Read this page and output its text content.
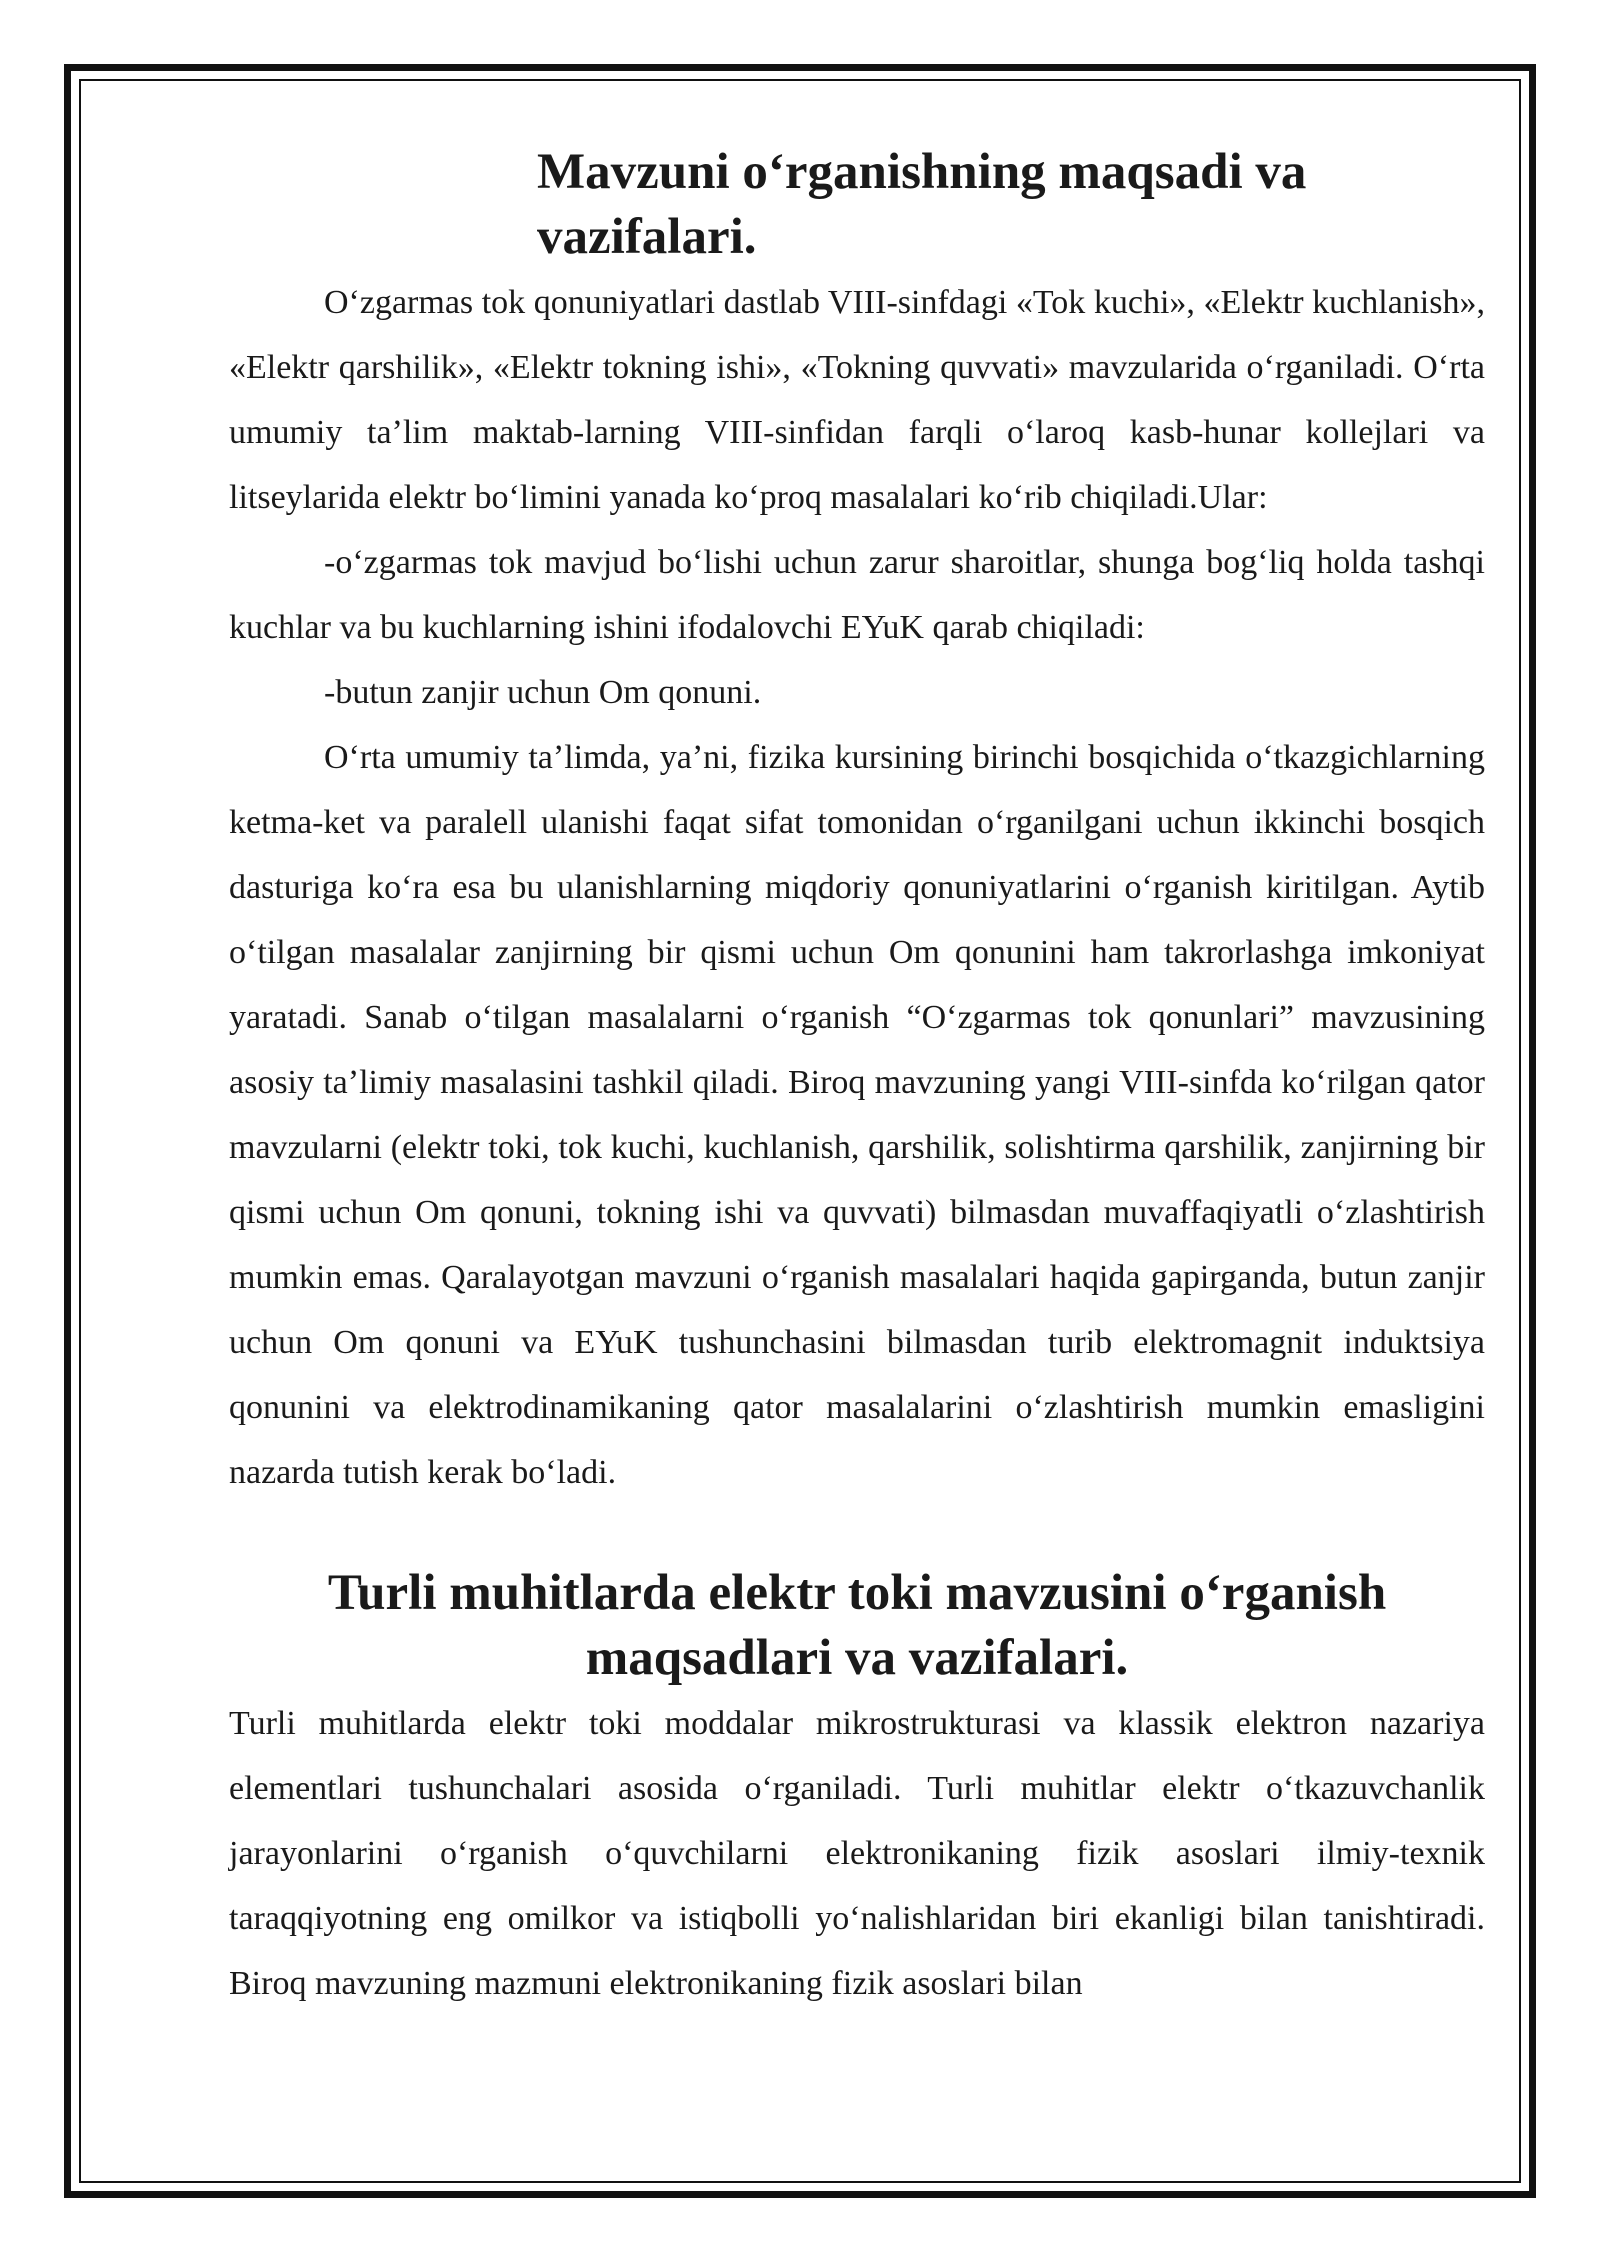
Mavzuni oʻrganishning maqsadi va vazifalari.

Oʻzgarmas tok qonuniyatlari dastlab VIII-sinfdagi «Tok kuchi», «Elektr kuchlanish», «Elektr qarshilik», «Elektr tokning ishi», «Tokning quvvati» mavzularida oʻrganiladi. Oʻrta umumiy taʼlim maktab-larning VIII-sinfidan farqli oʻlaroq kasb-hunar kollejlari va litseylarida elektr boʻlimini yanada koʻproq masalalari koʻrib chiqiladi.Ular:

-oʻzgarmas tok mavjud boʻlishi uchun zarur sharoitlar, shunga bogʻliq holda tashqi kuchlar va bu kuchlarning ishini ifodalovchi EYuK qarab chiqiladi:

-butun zanjir uchun Om qonuni.

Oʻrta umumiy taʼlimda, yaʼni, fizika kursining birinchi bosqichida oʻtkazgichlarning ketma-ket va paralell ulanishi faqat sifat tomonidan oʻrganilgani uchun ikkinchi bosqich dasturiga koʻra esa bu ulanishlarning miqdoriy qonuniyatlarini oʻrganish kiritilgan. Aytib oʻtilgan masalalar zanjirning bir qismi uchun Om qonunini ham takrorlashga imkoniyat yaratadi. Sanab oʻtilgan masalalarni oʻrganish “Oʻzgarmas tok qonunlari” mavzusining asosiy taʼlimiy masalasini tashkil qiladi. Biroq mavzuning yangi VIII-sinfda koʻrilgan qator mavzularni (elektr toki, tok kuchi, kuchlanish, qarshilik, solishtirma qarshilik, zanjirning bir qismi uchun Om qonuni, tokning ishi va quvvati) bilmasdan muvaffaqiyatli oʻzlashtirish mumkin emas. Qaralayotgan mavzuni oʻrganish masalalari haqida gapirganda, butun zanjir uchun Om qonuni va EYuK tushunchasini bilmasdan turib elektromagnit induktsiya qonunini va elektrodinamikaning qator masalalarini oʻzlashtirish mumkin emasligini nazarda tutish kerak boʻladi.

Turli muhitlarda elektr toki mavzusini oʻrganish maqsadlari va vazifalari.

Turli muhitlarda elektr toki moddalar mikrostrukturasi va klassik elektron nazariya elementlari tushunchalari asosida oʻrganiladi. Turli muhitlar elektr oʻtkazuvchanlik jarayonlarini oʻrganish oʻquvchilarni elektronikaning fizik asoslari ilmiy-texnik taraqqiyotning eng omilkor va istiqbolli yoʻnalishlaridan biri ekanligi bilan tanishtiradi. Biroq mavzuning mazmuni elektronikaning fizik asoslari bilan
